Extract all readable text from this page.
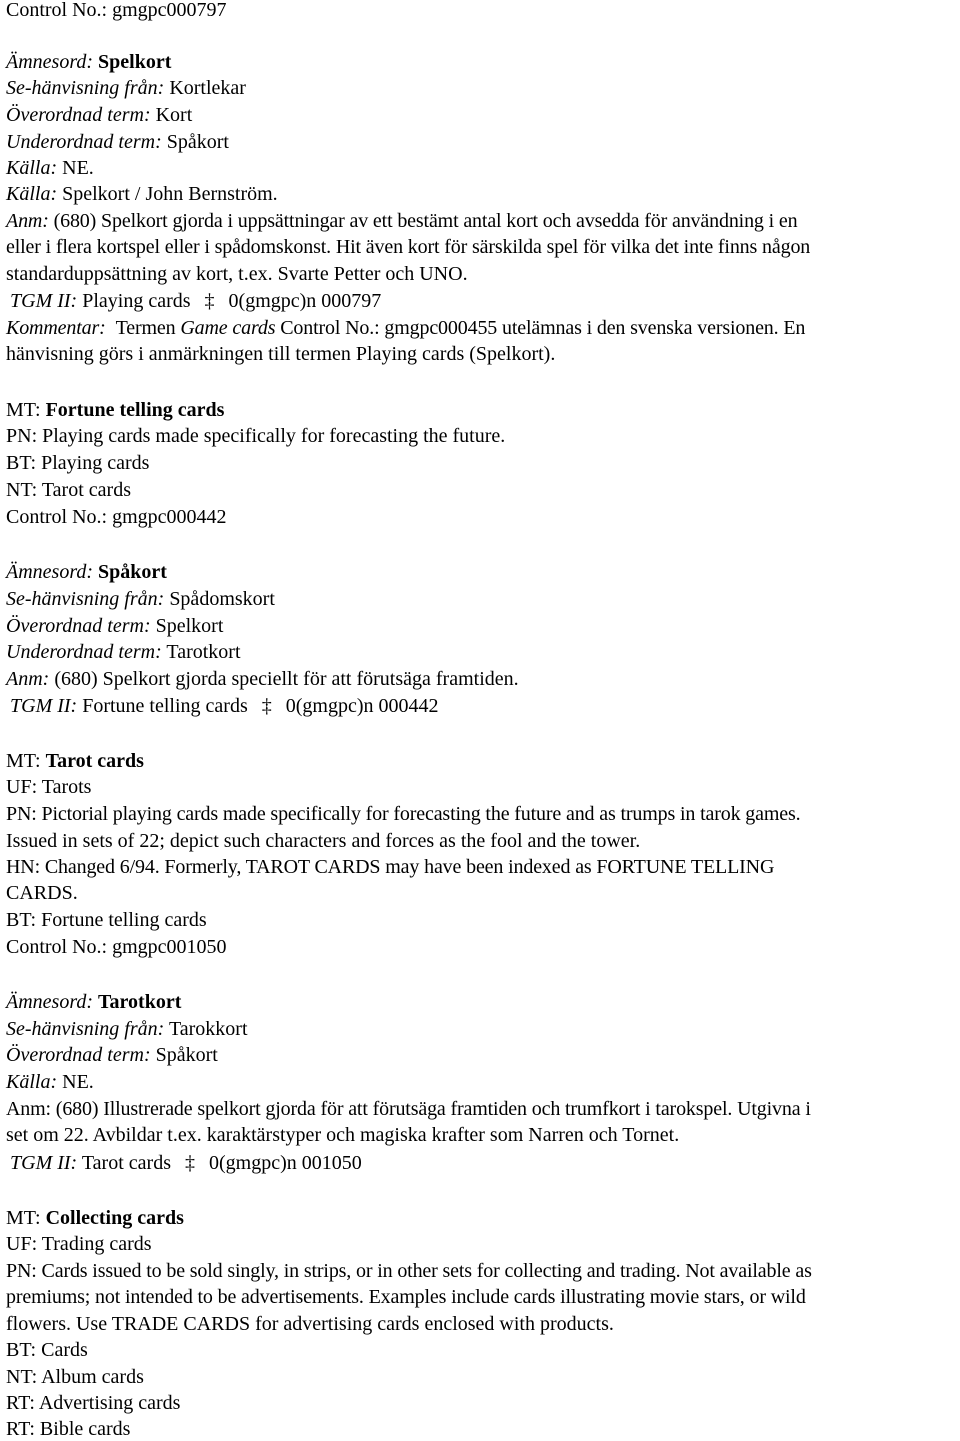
Control No.: gmgpc000797
Ämnesord: Spelkort
Se-hänvisning från: Kortlekar
Överordnad term: Kort
Underordnad term: Spåkort
Källa: NE.
Källa: Spelkort / John Bernström.
Anm: (680) Spelkort gjorda i uppsättningar av ett bestämt antal kort och avsedda för användning i en
eller i flera kortspel eller i spådomskonst. Hit även kort för särskilda spel för vilka det inte finns någon
standarduppsättning av kort, t.ex. Svarte Petter och UNO.
TGM II: Playing cards ‡ 0(gmgpc)n 000797
Kommentar: Termen Game cards Control No.: gmgpc000455 utelämnas i den svenska versionen. En
hänvisning görs i anmärkningen till termen Playing cards (Spelkort).
MT: Fortune telling cards
PN: Playing cards made specifically for forecasting the future.
BT: Playing cards
NT: Tarot cards
Control No.: gmgpc000442
Ämnesord: Spåkort
Se-hänvisning från: Spådomskort
Överordnad term: Spelkort
Underordnad term: Tarotkort
Anm: (680) Spelkort gjorda speciellt för att förutsäga framtiden.
TGM II: Fortune telling cards ‡ 0(gmgpc)n 000442
MT: Tarot cards
UF: Tarots
PN: Pictorial playing cards made specifically for forecasting the future and as trumps in tarok games.
Issued in sets of 22; depict such characters and forces as the fool and the tower.
HN: Changed 6/94. Formerly, TAROT CARDS may have been indexed as FORTUNE TELLING
CARDS.
BT: Fortune telling cards
Control No.: gmgpc001050
Ämnesord: Tarotkort
Se-hänvisning från: Tarokkort
Överordnad term: Spåkort
Källa: NE.
Anm: (680) Illustrerade spelkort gjorda för att förutsäga framtiden och trumfkort i tarokspel. Utgivna i
set om 22. Avbildar t.ex. karaktärstyper och magiska krafter som Narren och Tornet.
TGM II: Tarot cards ‡ 0(gmgpc)n 001050
MT: Collecting cards
UF: Trading cards
PN: Cards issued to be sold singly, in strips, or in other sets for collecting and trading. Not available as
premiums; not intended to be advertisements. Examples include cards illustrating movie stars, or wild
flowers. Use TRADE CARDS for advertising cards enclosed with products.
BT: Cards
NT: Album cards
RT: Advertising cards
RT: Bible cards
